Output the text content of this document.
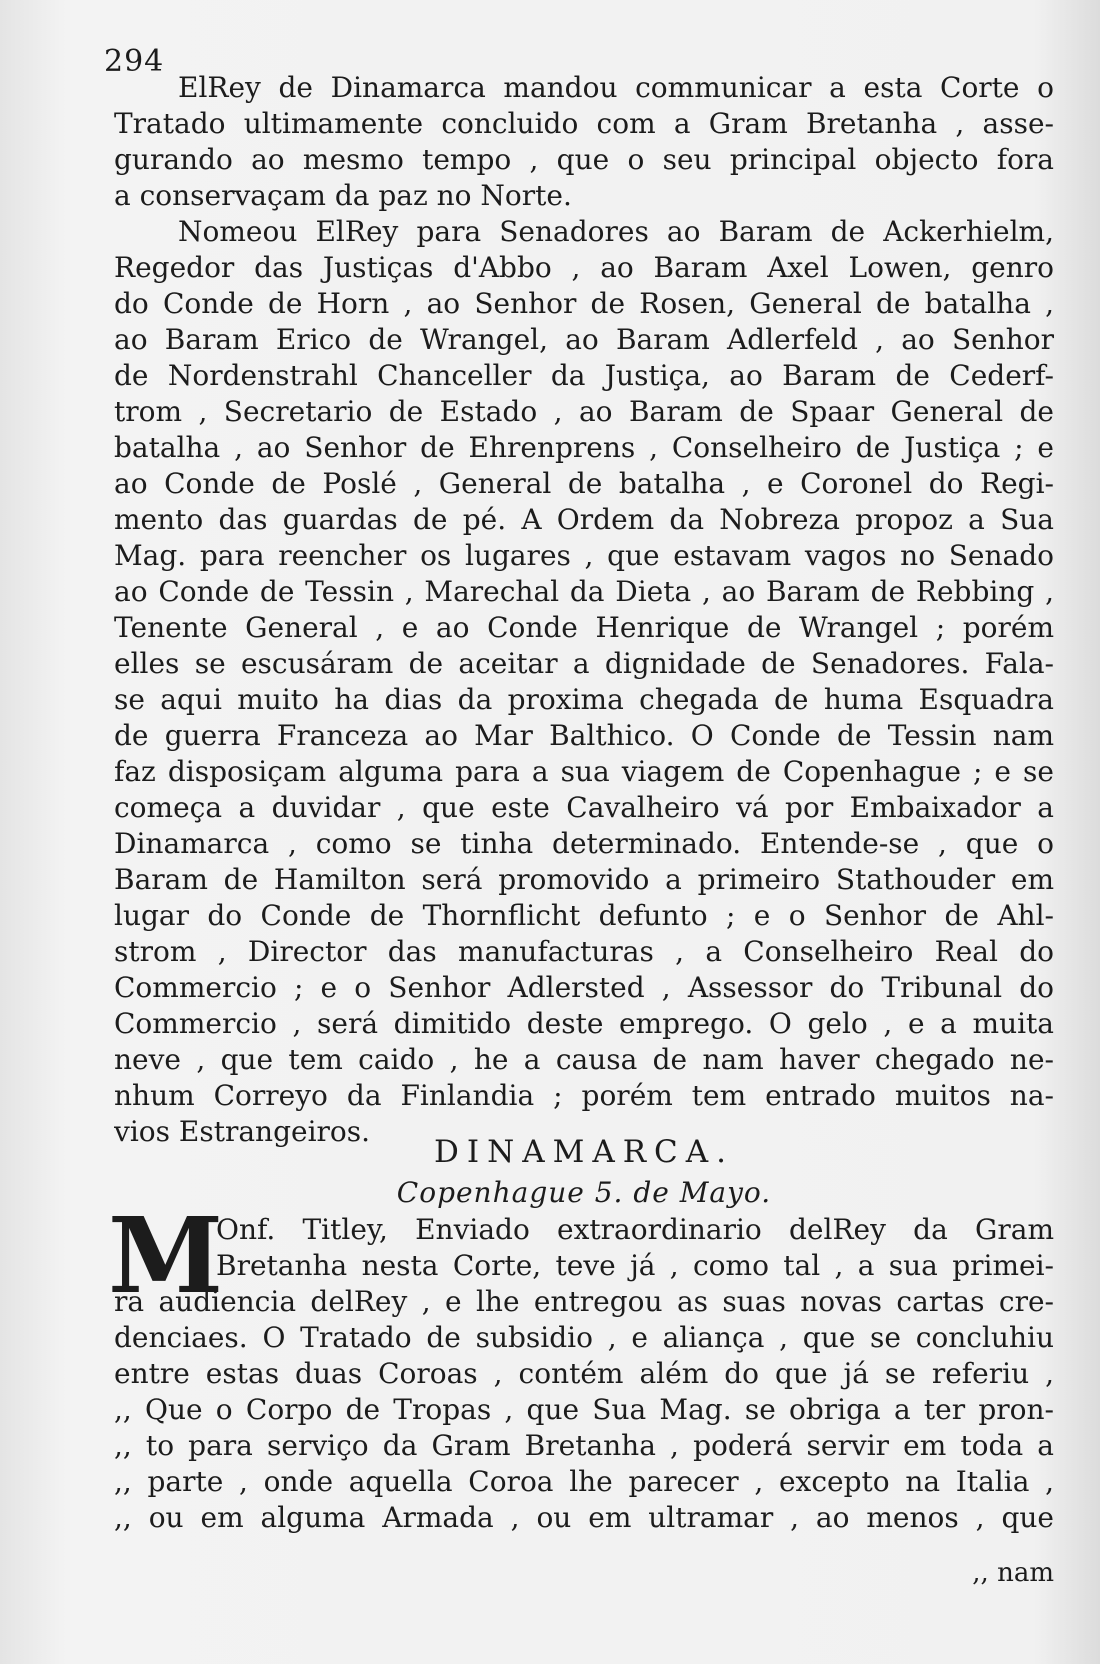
294
ElRey de Dinamarca mandou communicar a esta Corte o
Tratado ultimamente concluido com a Gram Bretanha , asse-
gurando ao mesmo tempo , que o seu principal objecto fora
a conservaçam da paz no Norte.
Nomeou ElRey para Senadores ao Baram de Ackerhielm,
Regedor das Justiças d'Abbo , ao Baram Axel Lowen, genro
do Conde de Horn , ao Senhor de Rosen, General de batalha ,
ao Baram Erico de Wrangel, ao Baram Adlerfeld , ao Senhor
de Nordenstrahl Chanceller da Justiça, ao Baram de Cederf-
trom , Secretario de Estado , ao Baram de Spaar General de
batalha , ao Senhor de Ehrenprens , Conselheiro de Justiça ; e
ao Conde de Poslé , General de batalha , e Coronel do Regi-
mento das guardas de pé. A Ordem da Nobreza propoz a Sua
Mag. para reencher os lugares , que estavam vagos no Senado
ao Conde de Tessin , Marechal da Dieta , ao Baram de Rebbing ,
Tenente General , e ao Conde Henrique de Wrangel ; porém
elles se escusáram de aceitar a dignidade de Senadores. Fala-
se aqui muito ha dias da proxima chegada de huma Esquadra
de guerra Franceza ao Mar Balthico. O Conde de Tessin nam
faz disposiçam alguma para a sua viagem de Copenhague ; e se
começa a duvidar , que este Cavalheiro vá por Embaixador a
Dinamarca , como se tinha determinado. Entende-se , que o
Baram de Hamilton será promovido a primeiro Stathouder em
lugar do Conde de Thornflicht defunto ; e o Senhor de Ahl-
strom , Director das manufacturas , a Conselheiro Real do
Commercio ; e o Senhor Adlersted , Assessor do Tribunal do
Commercio , será dimitido deste emprego. O gelo , e a muita
neve , que tem caido , he a causa de nam haver chegado ne-
nhum Correyo da Finlandia ; porém tem entrado muitos na-
vios Estrangeiros.
DINAMARCA.
Copenhague 5. de Mayo.
M
Onf. Titley, Enviado extraordinario delRey da Gram
Bretanha nesta Corte, teve já , como tal , a sua primei-
ra audiencia delRey , e lhe entregou as suas novas cartas cre-
denciaes. O Tratado de subsidio , e aliança , que se concluhiu
entre estas duas Coroas , contém além do que já se referiu ,
,, Que o Corpo de Tropas , que Sua Mag. se obriga a ter pron-
,, to para serviço da Gram Bretanha , poderá servir em toda a
,, parte , onde aquella Coroa lhe parecer , excepto na Italia ,
,, ou em alguma Armada , ou em ultramar , ao menos , que
,, nam
